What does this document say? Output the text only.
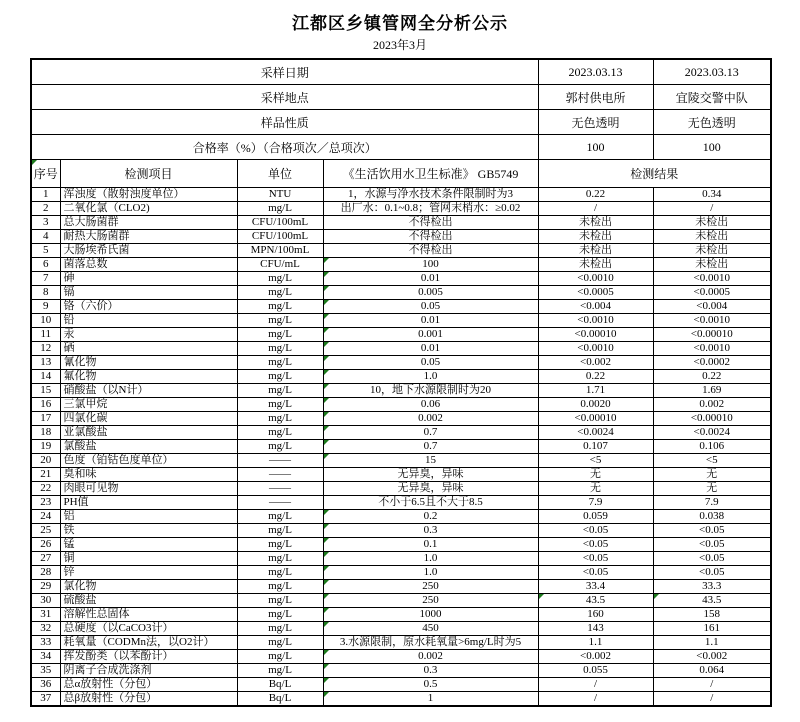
江都区乡镇管网全分析公示
2023年3月
采样日期				2023.03.13	2023.03.13
采样地点				郭村供电所	宜陵交警中队
样品性质				无色透明	无色透明
合格率（%）（合格项次／总项次）				100	100

序号	检测项目	单位	《生活饮用水卫生标准》 GB5749	检测结果	
1	浑浊度（散射浊度单位）	NTU	1，水源与净水技术条件限制时为3	0.22	0.34
2	二氧化氯（CLO2)	mg/L	出厂水：0.1~0.8；管网末梢水：≥0.02	/	/
3	总大肠菌群	CFU/100mL	不得检出	未检出	未检出
4	耐热大肠菌群	CFU/100mL	不得检出	未检出	未检出
5	大肠埃希氏菌	MPN/100mL	不得检出	未检出	未检出
6	菌落总数	CFU/mL	100	未检出	未检出
7	砷	mg/L	0.01	<0.0010	<0.0010
8	镉	mg/L	0.005	<0.0005	<0.0005
9	铬（六价）	mg/L	0.05	<0.004	<0.004
10	铅	mg/L	0.01	<0.0010	<0.0010
11	汞	mg/L	0.001	<0.00010	<0.00010
12	硒	mg/L	0.01	<0.0010	<0.0010
13	氰化物	mg/L	0.05	<0.002	<0.0002
14	氟化物	mg/L	1.0	0.22	0.22
15	硝酸盐（以N计）	mg/L	10，地下水源限制时为20	1.71	1.69
16	三氯甲烷	mg/L	0.06	0.0020	0.002
17	四氯化碳	mg/L	0.002	<0.00010	<0.00010
18	亚氯酸盐	mg/L	0.7	<0.0024	<0.0024
19	氯酸盐	mg/L	0.7	0.107	0.106
20	色度（铂钴色度单位）	——	15	<5	<5
21	臭和味	——	无异臭，异味	无	无
22	肉眼可见物	——	无异臭，异味	无	无
23	PH值	——	不小于6.5且不大于8.5	7.9	7.9
24	铝	mg/L	0.2	0.059	0.038
25	铁	mg/L	0.3	<0.05	<0.05
26	锰	mg/L	0.1	<0.05	<0.05
27	铜	mg/L	1.0	<0.05	<0.05
28	锌	mg/L	1.0	<0.05	<0.05
29	氯化物	mg/L	250	33.4	33.3
30	硫酸盐	mg/L	250	43.5	43.5
31	溶解性总固体	mg/L	1000	160	158
32	总硬度（以CaCO3计）	mg/L	450	143	161
33	耗氧量（CODMn法，以O2计）	mg/L	3.水源限制，原水耗氧量>6mg/L时为5	1.1	1.1
34	挥发酚类（以苯酚计）	mg/L	0.002	<0.002	<0.002
35	阴离子合成洗涤剂	mg/L	0.3	0.055	0.064
36	总α放射性（分包）	Bq/L	0.5	/	/
37	总β放射性（分包）	Bq/L	1	/	/
